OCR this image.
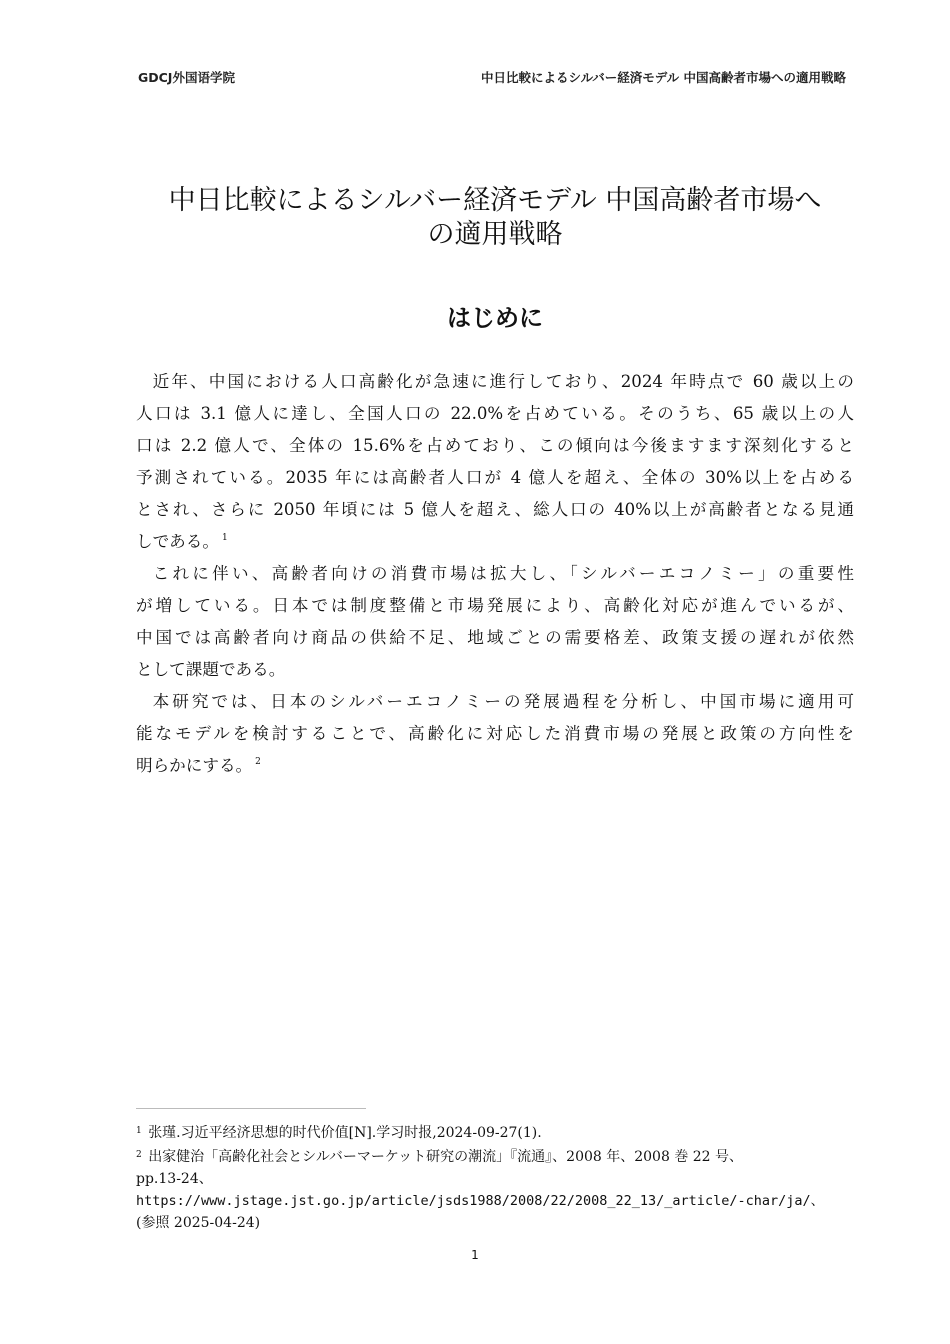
GDCJ外国语学院	中日比較によるシルバー経済モデル 中国高齢者市場への適用戦略
中日比較によるシルバー経済モデル 中国高齢者市場へ
の適用戦略
はじめに

近年、中国における人口高齢化が急速に進行しており、2024 年時点で 60 歳以上の
人口は 3.1 億人に達し、全国人口の 22.0%を占めている。そのうち、65 歳以上の人
口は 2.2 億人で、全体の 15.6%を占めており、この傾向は今後ますます深刻化すると
予測されている。2035 年には高齢者人口が 4 億人を超え、全体の 30%以上を占める
とされ、さらに 2050 年頃には 5 億人を超え、総人口の 40%以上が高齢者となる見通
しである。 $^1$

これに伴い、高齢者向けの消費市場は拡大し、「シルバーエコノミー」の重要性
が増している。日本では制度整備と市場発展により、高齢化対応が進んでいるが、
中国では高齢者向け商品の供給不足、地域ごとの需要格差、政策支援の遅れが依然
として課題である。

本研究では、日本のシルバーエコノミーの発展過程を分析し、中国市場に適用可
能なモデルを検討することで、高齢化に対応した消費市場の発展と政策の方向性を
明らかにする。 $^2$

$^1$ 张瑾.习近平经济思想的时代价值[N].学习时报,2024-09-27(1).
$^2$ 出家健治「高齢化社会とシルバーマーケット研究の潮流」『流通』、2008 年、2008 巻 22 号、
pp.13-24、
https://www.jstage.jst.go.jp/article/jsds1988/2008/22/2008_22_13/_article/-char/ja/、
(参照 2025-04-24)
1
